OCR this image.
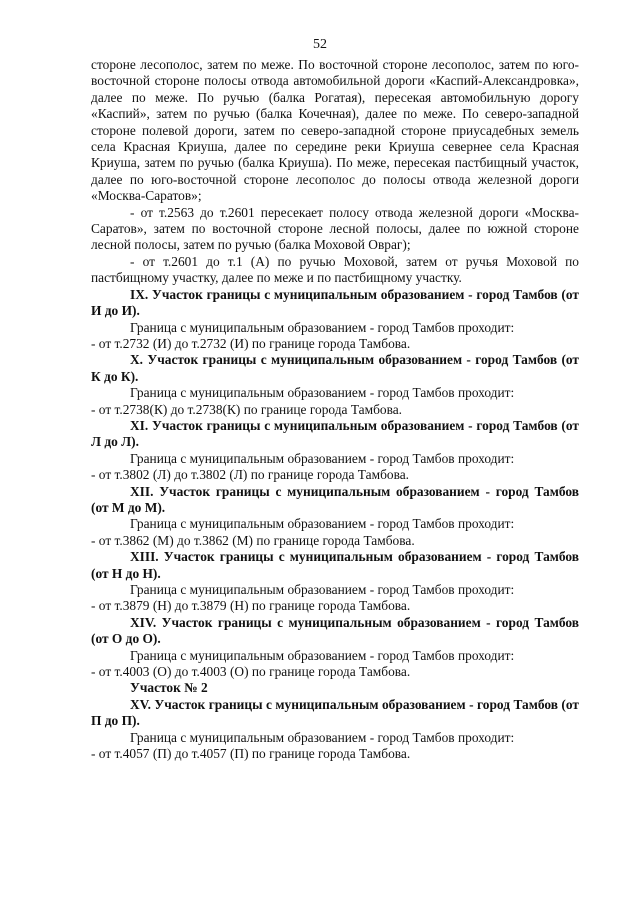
52

стороне лесополос, затем по меже. По восточной стороне лесополос, затем по юго-восточной стороне полосы отвода автомобильной дороги «Каспий-Александровка», далее по меже. По ручью (балка Рогатая), пересекая автомобильную дорогу «Каспий», затем по ручью (балка Кочечная), далее по меже. По северо-западной стороне полевой дороги, затем по северо-западной стороне приусадебных земель села Красная Криуша, далее по середине реки Криуша севернее села Красная Криуша, затем по ручью (балка Криуша). По меже, пересекая пастбищный участок, далее по юго-восточной стороне лесополос до полосы отвода железной дороги «Москва-Саратов»;

- от т.2563 до т.2601 пересекает полосу отвода железной дороги «Москва-Саратов», затем по восточной стороне лесной полосы, далее по южной стороне лесной полосы, затем по ручью (балка Моховой Овраг);

- от т.2601 до т.1 (А) по ручью Моховой, затем от ручья Моховой по пастбищному участку, далее по меже и по пастбищному участку.

IX. Участок границы с муниципальным образованием - город Тамбов (от И до И).

Граница с муниципальным образованием - город Тамбов проходит:

- от т.2732 (И) до т.2732 (И) по границе города Тамбова.

X. Участок границы с муниципальным образованием - город Тамбов (от К до К).

Граница с муниципальным образованием - город Тамбов проходит:

- от т.2738(К) до т.2738(К) по границе города Тамбова.

XI. Участок границы с муниципальным образованием - город Тамбов (от Л до Л).

Граница с муниципальным образованием - город Тамбов проходит:

- от т.3802 (Л) до т.3802 (Л) по границе города Тамбова.

XII. Участок границы с муниципальным образованием - город Тамбов (от М до М).

Граница с муниципальным образованием - город Тамбов проходит:

- от т.3862 (М) до т.3862 (М) по границе города Тамбова.

XIII. Участок границы с муниципальным образованием - город Тамбов (от Н до Н).

Граница с муниципальным образованием - город Тамбов проходит:

- от т.3879 (Н) до т.3879 (Н) по границе города Тамбова.

XIV. Участок границы с муниципальным образованием - город Тамбов (от О до О).

Граница с муниципальным образованием - город Тамбов проходит:

- от т.4003 (О) до т.4003 (О) по границе города Тамбова.

Участок № 2

XV. Участок границы с муниципальным образованием - город Тамбов (от П до П).

Граница с муниципальным образованием - город Тамбов проходит:

- от т.4057 (П) до т.4057 (П) по границе города Тамбова.
